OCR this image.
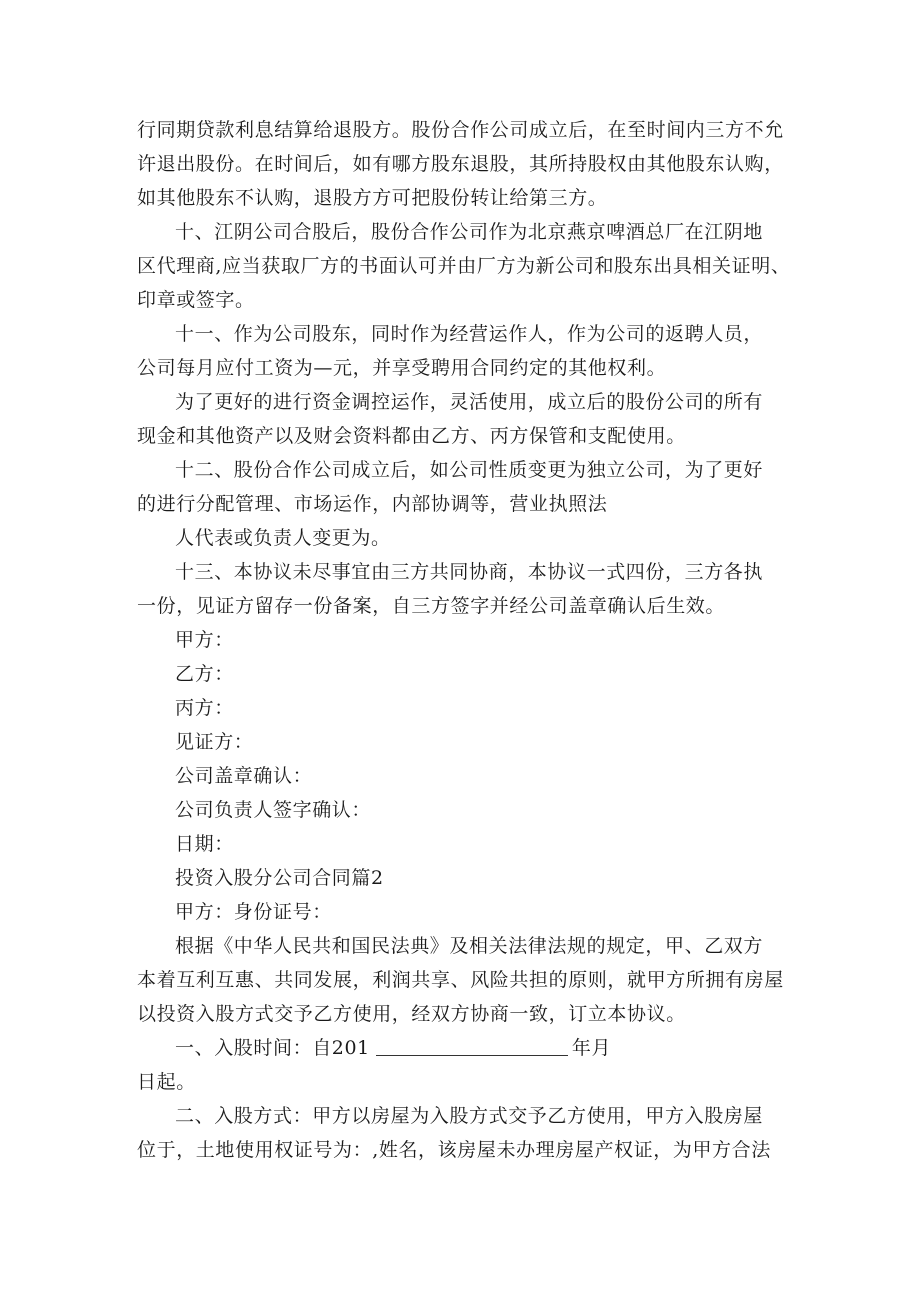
行同期贷款利息结算给退股方。股份合作公司成立后，在至时间内三方不允
许退出股份。在时间后，如有哪方股东退股，其所持股权由其他股东认购，
如其他股东不认购，退股方方可把股份转让给第三方。
十、江阴公司合股后，股份合作公司作为北京燕京啤酒总厂在江阴地
区代理商,应当获取厂方的书面认可并由厂方为新公司和股东出具相关证明、
印章或签字。
十一、作为公司股东，同时作为经营运作人，作为公司的返聘人员，
公司每月应付工资为—元，并享受聘用合同约定的其他权利。
为了更好的进行资金调控运作，灵活使用，成立后的股份公司的所有
现金和其他资产以及财会资料都由乙方、丙方保管和支配使用。
十二、股份合作公司成立后，如公司性质变更为独立公司，为了更好
的进行分配管理、市场运作，内部协调等，营业执照法
人代表或负责人变更为。
十三、本协议未尽事宜由三方共同协商，本协议一式四份，三方各执
一份，见证方留存一份备案，自三方签字并经公司盖章确认后生效。
甲方：
乙方：
丙方：
见证方：
公司盖章确认：
公司负责人签字确认：
日期：
投资入股分公司合同篇2
甲方：身份证号：
根据《中华人民共和国民法典》及相关法律法规的规定，甲、乙双方
本着互利互惠、共同发展，利润共享、风险共担的原则，就甲方所拥有房屋
以投资入股方式交予乙方使用，经双方协商一致，订立本协议。
一、入股时间：自201	年月
日起。
二、入股方式：甲方以房屋为入股方式交予乙方使用，甲方入股房屋
位于，土地使用权证号为：,姓名，该房屋未办理房屋产权证，为甲方合法
